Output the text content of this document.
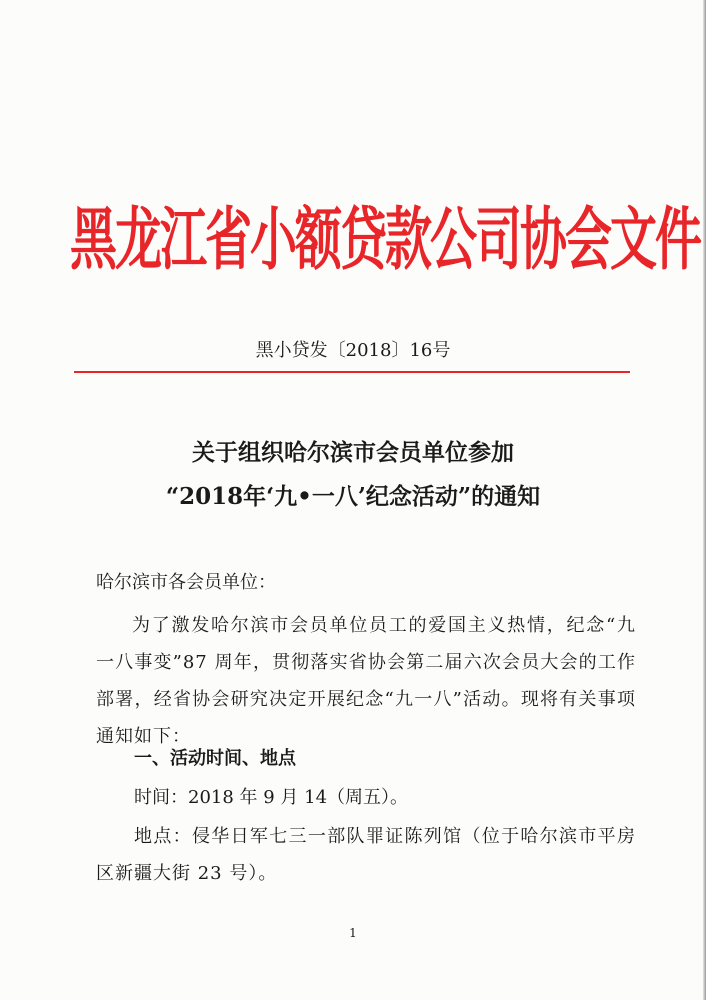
黑龙江省小额贷款公司协会文件
黑小贷发〔2018〕16号
关于组织哈尔滨市会员单位参加
“2018年‘九•一八’纪念活动”的通知
哈尔滨市各会员单位：

为了激发哈尔滨市会员单位员工的爱国主义热情，纪念“九一八事变”87 周年，贯彻落实省协会第二届六次会员大会的工作部署，经省协会研究决定开展纪念“九一八”活动。现将有关事项通知如下：

一、活动时间、地点
时间：2018 年 9 月 14（周五）。

地点：侵华日军七三一部队罪证陈列馆（位于哈尔滨市平房区新疆大街 23 号）。

1
